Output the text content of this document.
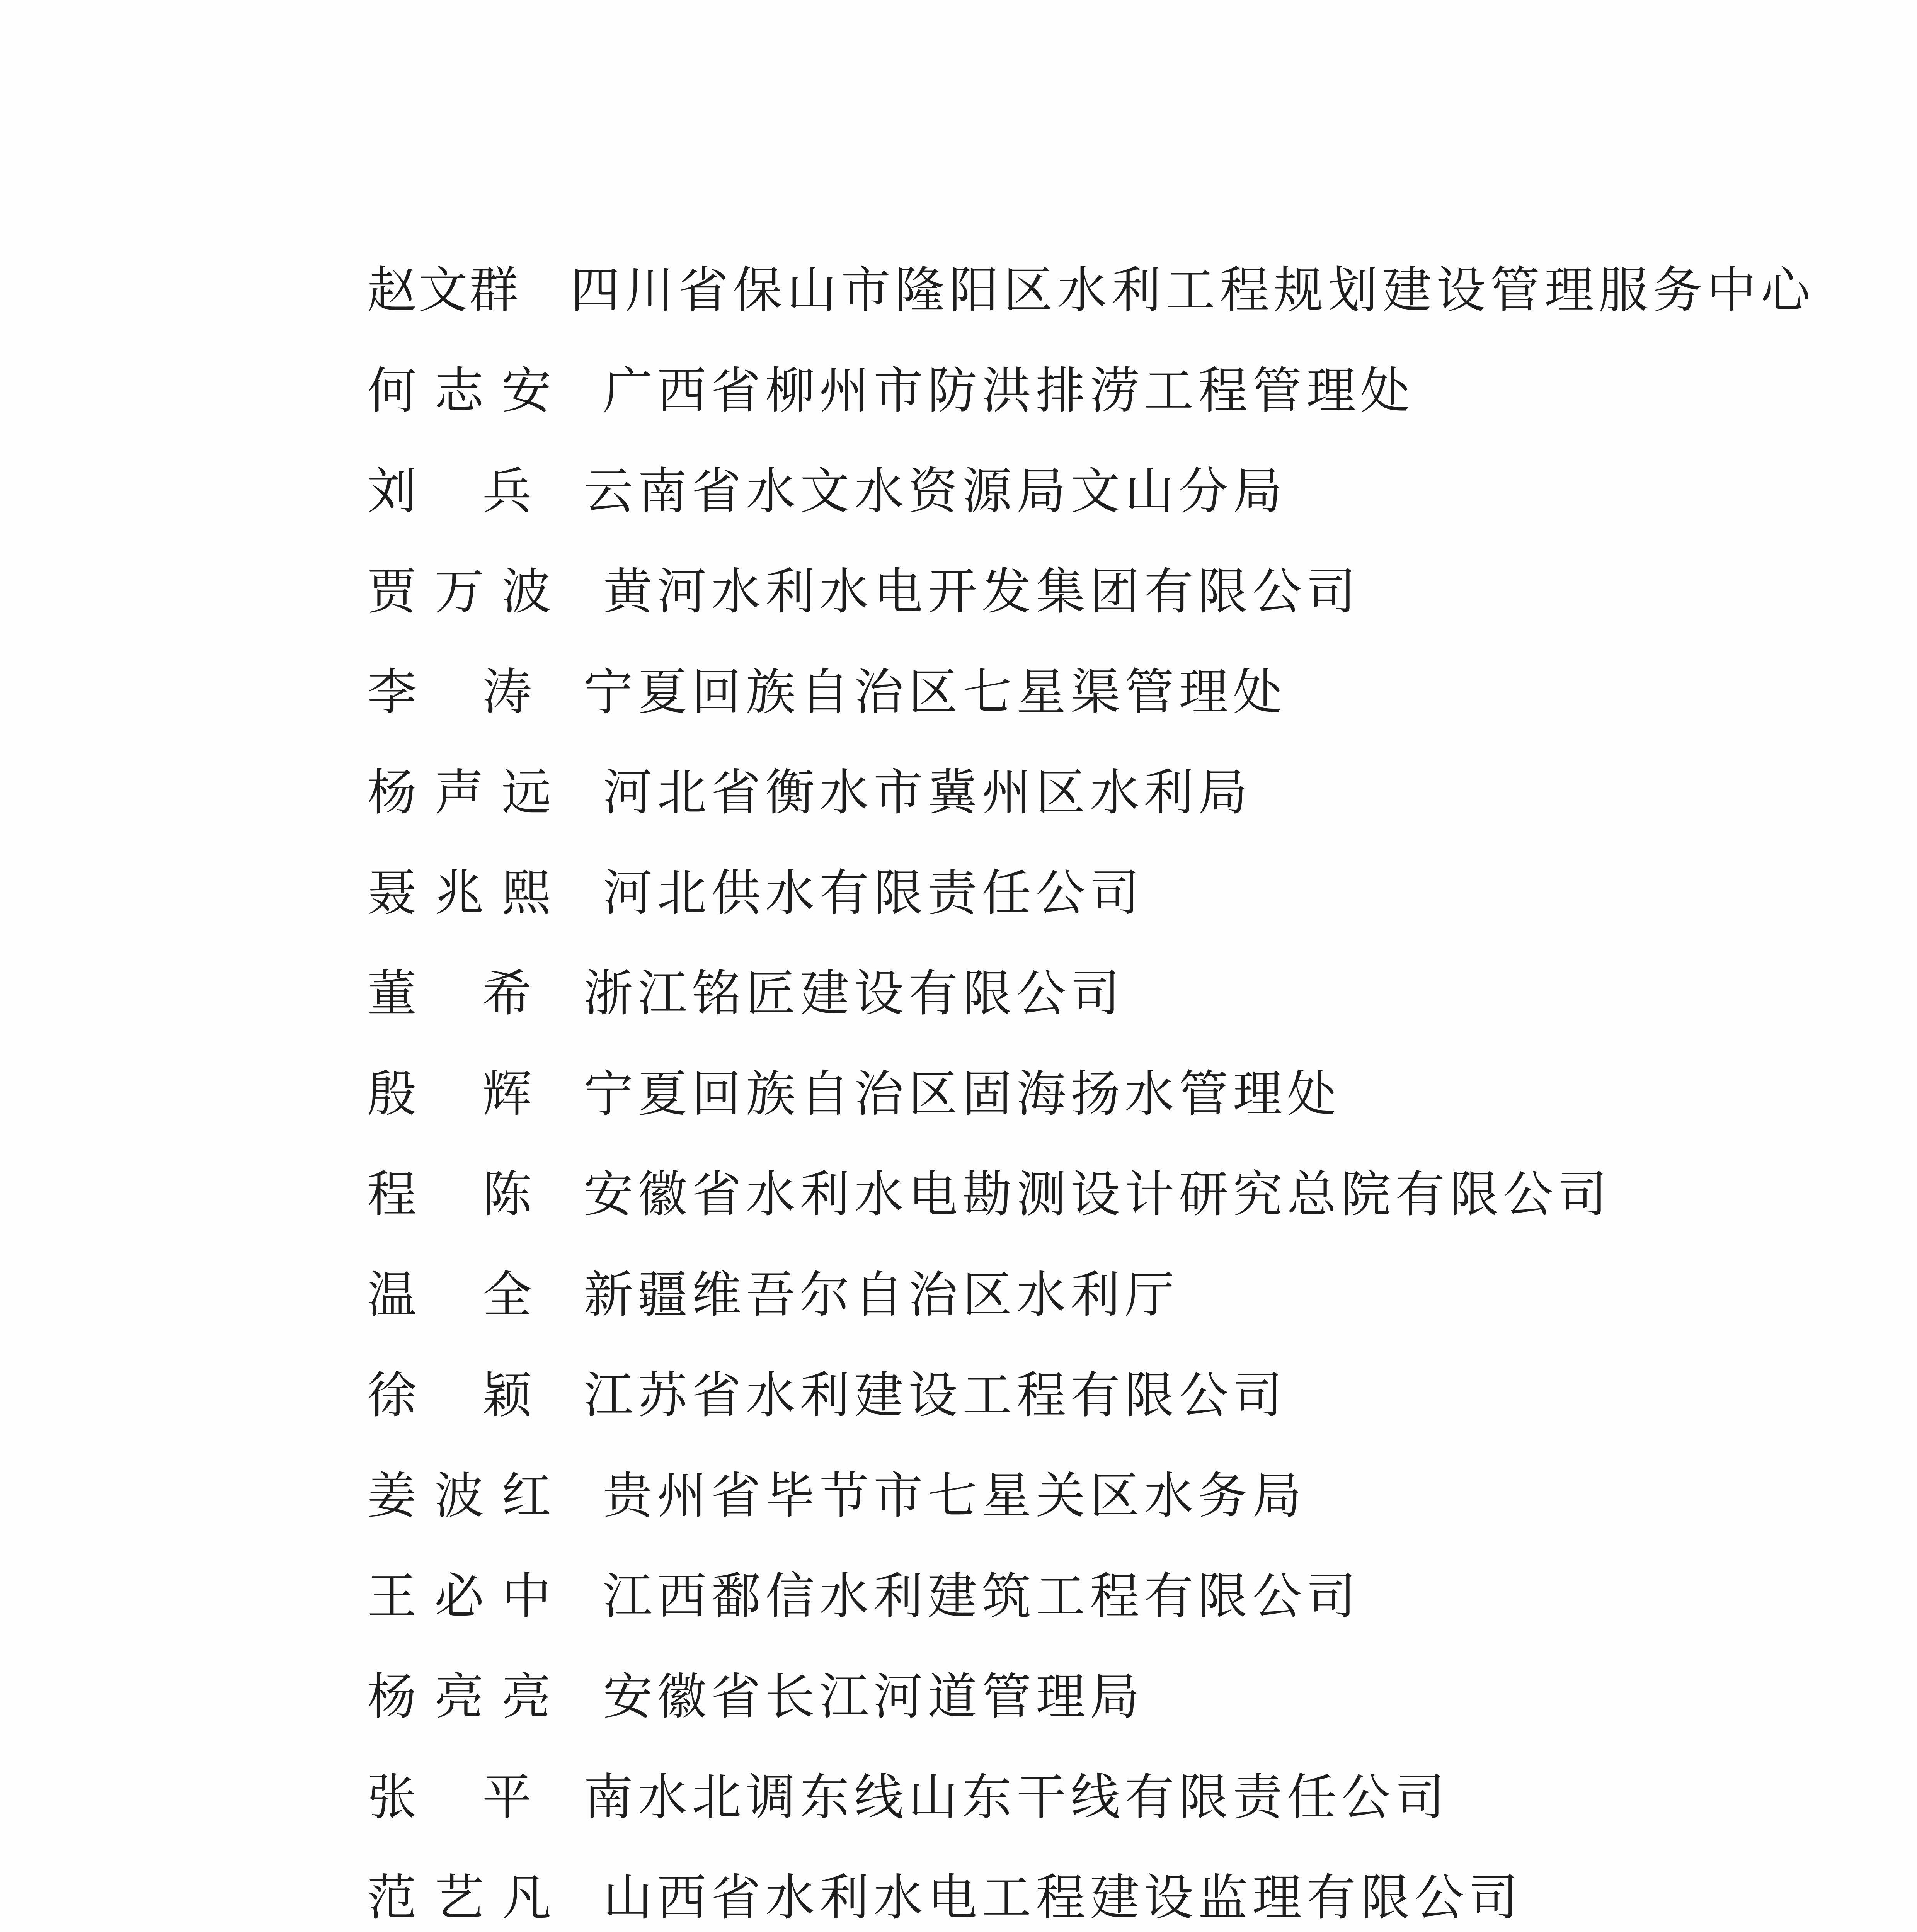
赵 文 群 四川省保山市隆阳区水利工程规划建设管理服务中心
何 志 安 广西省柳州市防洪排涝工程管理处
刘 兵 云南省水文水资源局文山分局
贾 万 波 黄河水利水电开发集团有限公司
李 涛 宁夏回族自治区七星渠管理处
杨 声 远 河北省衡水市冀州区水利局
聂 兆 熙 河北供水有限责任公司
董 希 浙江铭匠建设有限公司
殷 辉 宁夏回族自治区固海扬水管理处
程 陈 安徽省水利水电勘测设计研究总院有限公司
温 全 新疆维吾尔自治区水利厅
徐 颖 江苏省水利建设工程有限公司
姜 波 红 贵州省毕节市七星关区水务局
王 必 中 江西鄱信水利建筑工程有限公司
杨 亮 亮 安徽省长江河道管理局
张 平 南水北调东线山东干线有限责任公司
范 艺 凡 山西省水利水电工程建设监理有限公司
